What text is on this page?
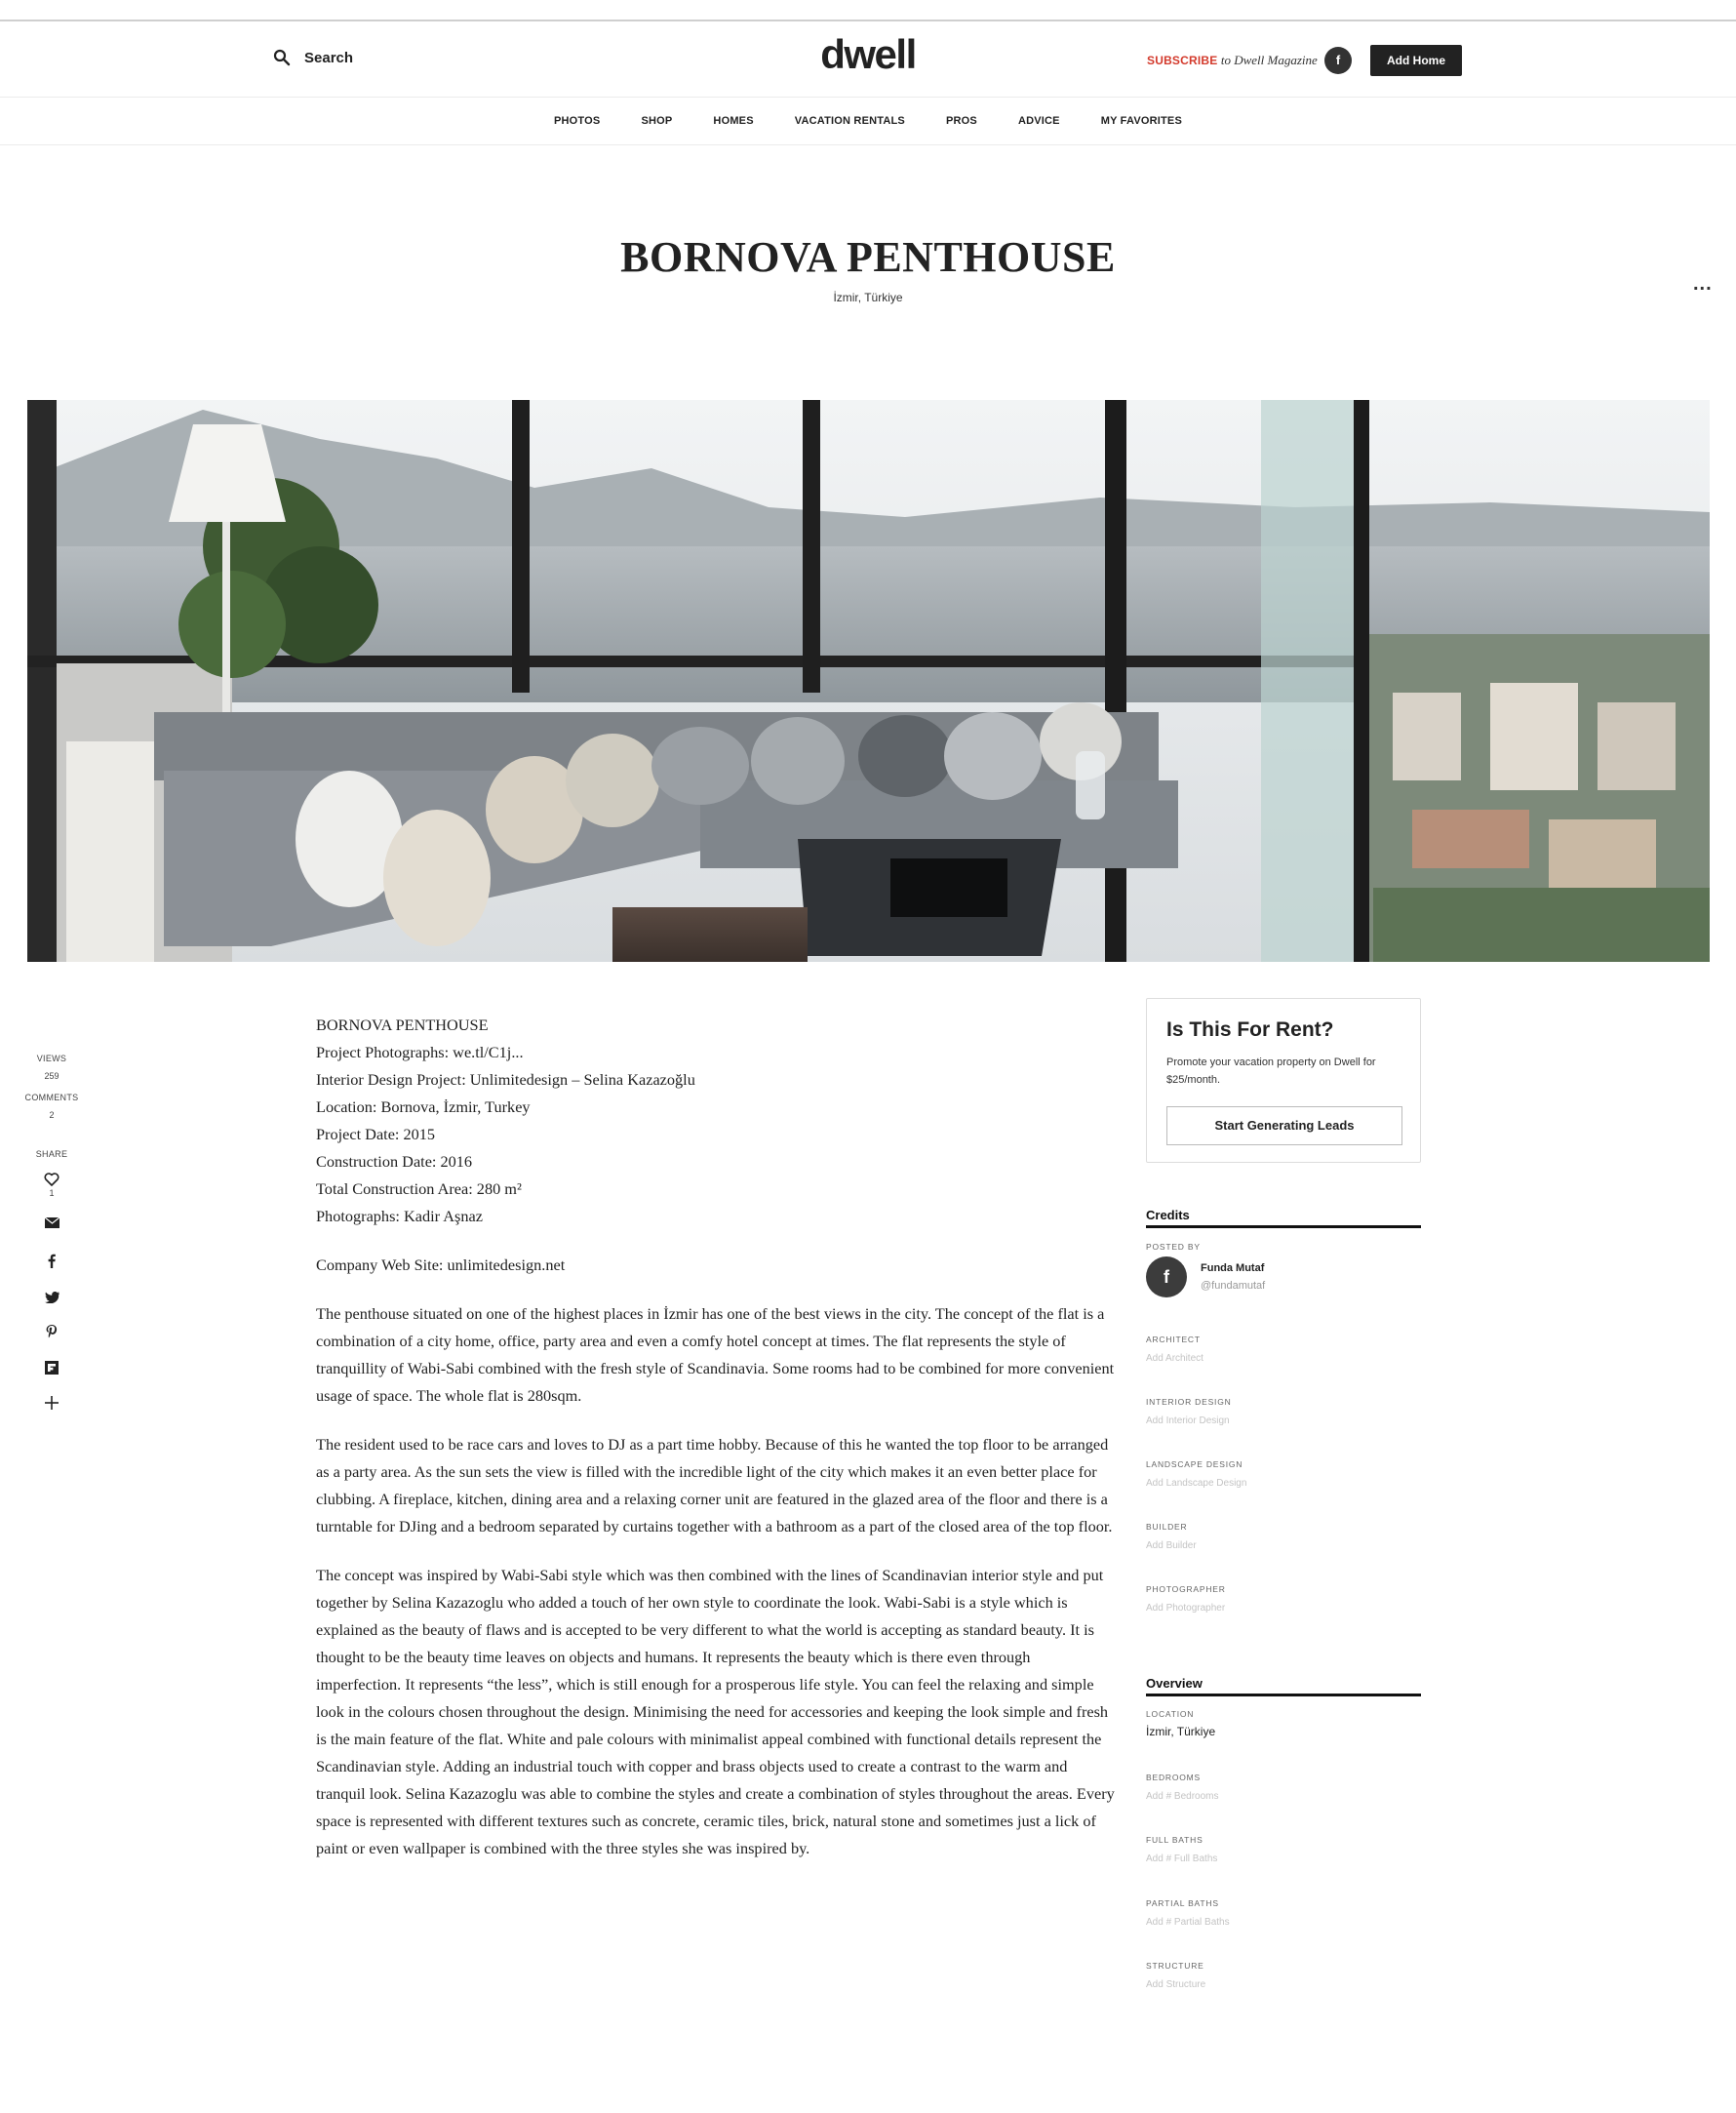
Search	dwell	SUBSCRIBE to Dwell Magazine	f	Add Home
PHOTOS	SHOP	HOMES	VACATION RENTALS	PROS	ADVICE	MY FAVORITES
BORNOVA PENTHOUSE
İzmir, Türkiye
...
VIEWS
259
COMMENTS
2
SHARE
1
BORNOVA PENTHOUSE
Project Photographs: we.tl/C1j...
Interior Design Project: Unlimitedesign – Selina Kazazoğlu
Location: Bornova, İzmir, Turkey
Project Date: 2015
Construction Date: 2016
Total Construction Area: 280 m²
Photographs: Kadir Aşnaz

Company Web Site: unlimitedesign.net

The penthouse situated on one of the highest places in İzmir has one of the best views in the city. The concept of the flat is a combination of a city home, office, party area and even a comfy hotel concept at times. The flat represents the style of tranquillity of Wabi-Sabi combined with the fresh style of Scandinavia. Some rooms had to be combined for more convenient usage of space. The whole flat is 280sqm.

The resident used to be race cars and loves to DJ as a part time hobby. Because of this he wanted the top floor to be arranged as a party area. As the sun sets the view is filled with the incredible light of the city which makes it an even better place for clubbing. A fireplace, kitchen, dining area and a relaxing corner unit are featured in the glazed area of the floor and there is a turntable for DJing and a bedroom separated by curtains together with a bathroom as a part of the closed area of the top floor.

The concept was inspired by Wabi-Sabi style which was then combined with the lines of Scandinavian interior style and put together by Selina Kazazoglu who added a touch of her own style to coordinate the look. Wabi-Sabi is a style which is explained as the beauty of flaws and is accepted to be very different to what the world is accepting as standard beauty. It is thought to be the beauty time leaves on objects and humans. It represents the beauty which is there even through imperfection. It represents “the less”, which is still enough for a prosperous life style. You can feel the relaxing and simple look in the colours chosen throughout the design. Minimising the need for accessories and keeping the look simple and fresh is the main feature of the flat. White and pale colours with minimalist appeal combined with functional details represent the Scandinavian style. Adding an industrial touch with copper and brass objects used to create a contrast to the warm and tranquil look. Selina Kazazoglu was able to combine the styles and create a combination of styles throughout the areas. Every space is represented with different textures such as concrete, ceramic tiles, brick, natural stone and sometimes just a lick of paint or even wallpaper is combined with the three styles she was inspired by.

Is This For Rent?
Promote your vacation property on Dwell for $25/month.
Start Generating Leads
Credits
POSTED BY
f	Funda Mutaf
@fundamutaf
ARCHITECT
Add Architect
INTERIOR DESIGN
Add Interior Design
LANDSCAPE DESIGN
Add Landscape Design
BUILDER
Add Builder
PHOTOGRAPHER
Add Photographer
Overview
LOCATION
İzmir, Türkiye
BEDROOMS
Add # Bedrooms
FULL BATHS
Add # Full Baths
PARTIAL BATHS
Add # Partial Baths
STRUCTURE
Add Structure
